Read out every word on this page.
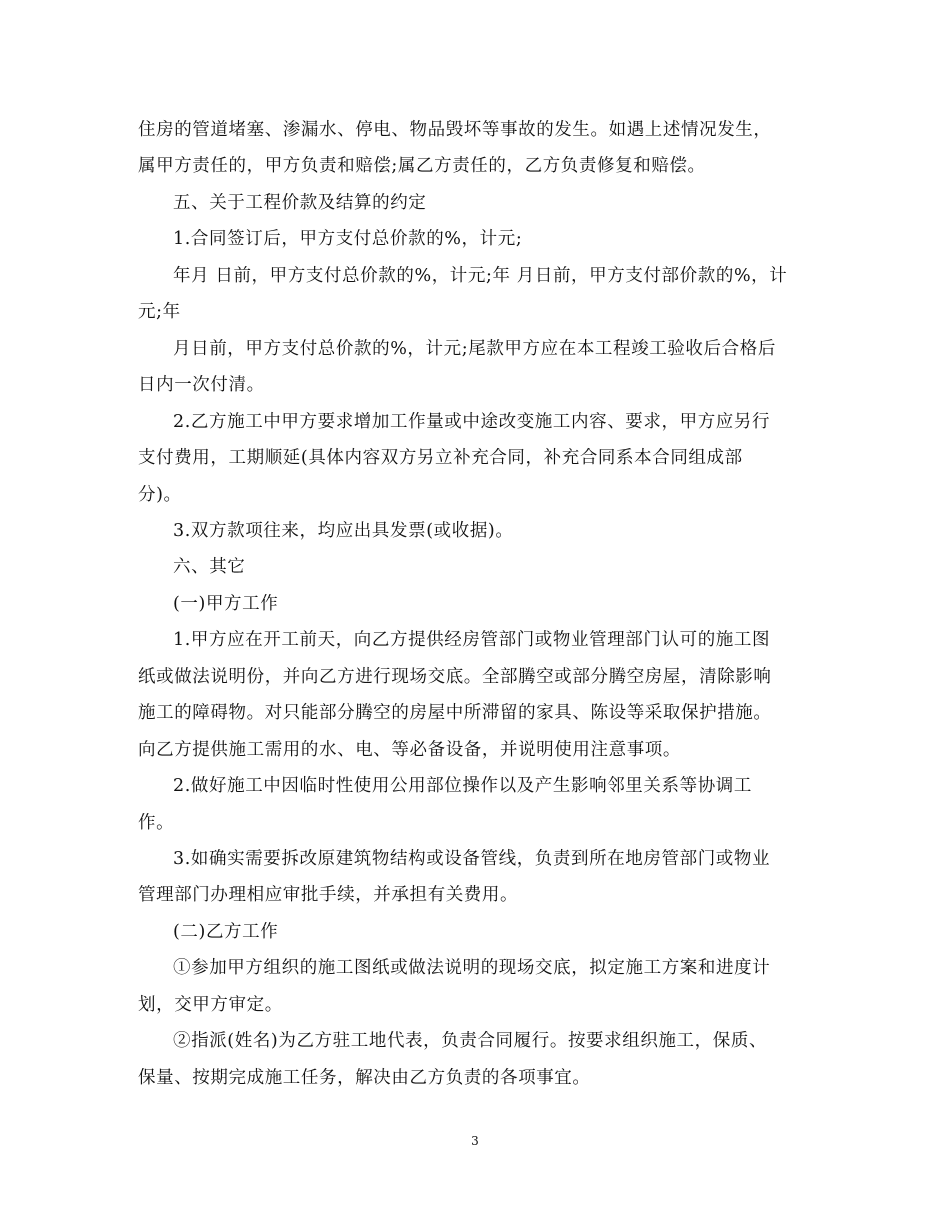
住房的管道堵塞、渗漏水、停电、物品毁坏等事故的发生。如遇上述情况发生，
属甲方责任的，甲方负责和赔偿;属乙方责任的，乙方负责修复和赔偿。
五、关于工程价款及结算的约定
1.合同签订后，甲方支付总价款的%，计元;
年月 日前，甲方支付总价款的%，计元;年 月日前，甲方支付部价款的%，计
元;年
月日前，甲方支付总价款的%，计元;尾款甲方应在本工程竣工验收后合格后
日内一次付清。
2.乙方施工中甲方要求增加工作量或中途改变施工内容、要求，甲方应另行
支付费用，工期顺延(具体内容双方另立补充合同，补充合同系本合同组成部
分)。
3.双方款项往来，均应出具发票(或收据)。
六、其它
(一)甲方工作
1.甲方应在开工前天，向乙方提供经房管部门或物业管理部门认可的施工图
纸或做法说明份，并向乙方进行现场交底。全部腾空或部分腾空房屋，清除影响
施工的障碍物。对只能部分腾空的房屋中所滞留的家具、陈设等采取保护措施。
向乙方提供施工需用的水、电、等必备设备，并说明使用注意事项。
2.做好施工中因临时性使用公用部位操作以及产生影响邻里关系等协调工
作。
3.如确实需要拆改原建筑物结构或设备管线，负责到所在地房管部门或物业
管理部门办理相应审批手续，并承担有关费用。
(二)乙方工作
①参加甲方组织的施工图纸或做法说明的现场交底，拟定施工方案和进度计
划，交甲方审定。
②指派(姓名)为乙方驻工地代表，负责合同履行。按要求组织施工，保质、
保量、按期完成施工任务，解决由乙方负责的各项事宜。
3
